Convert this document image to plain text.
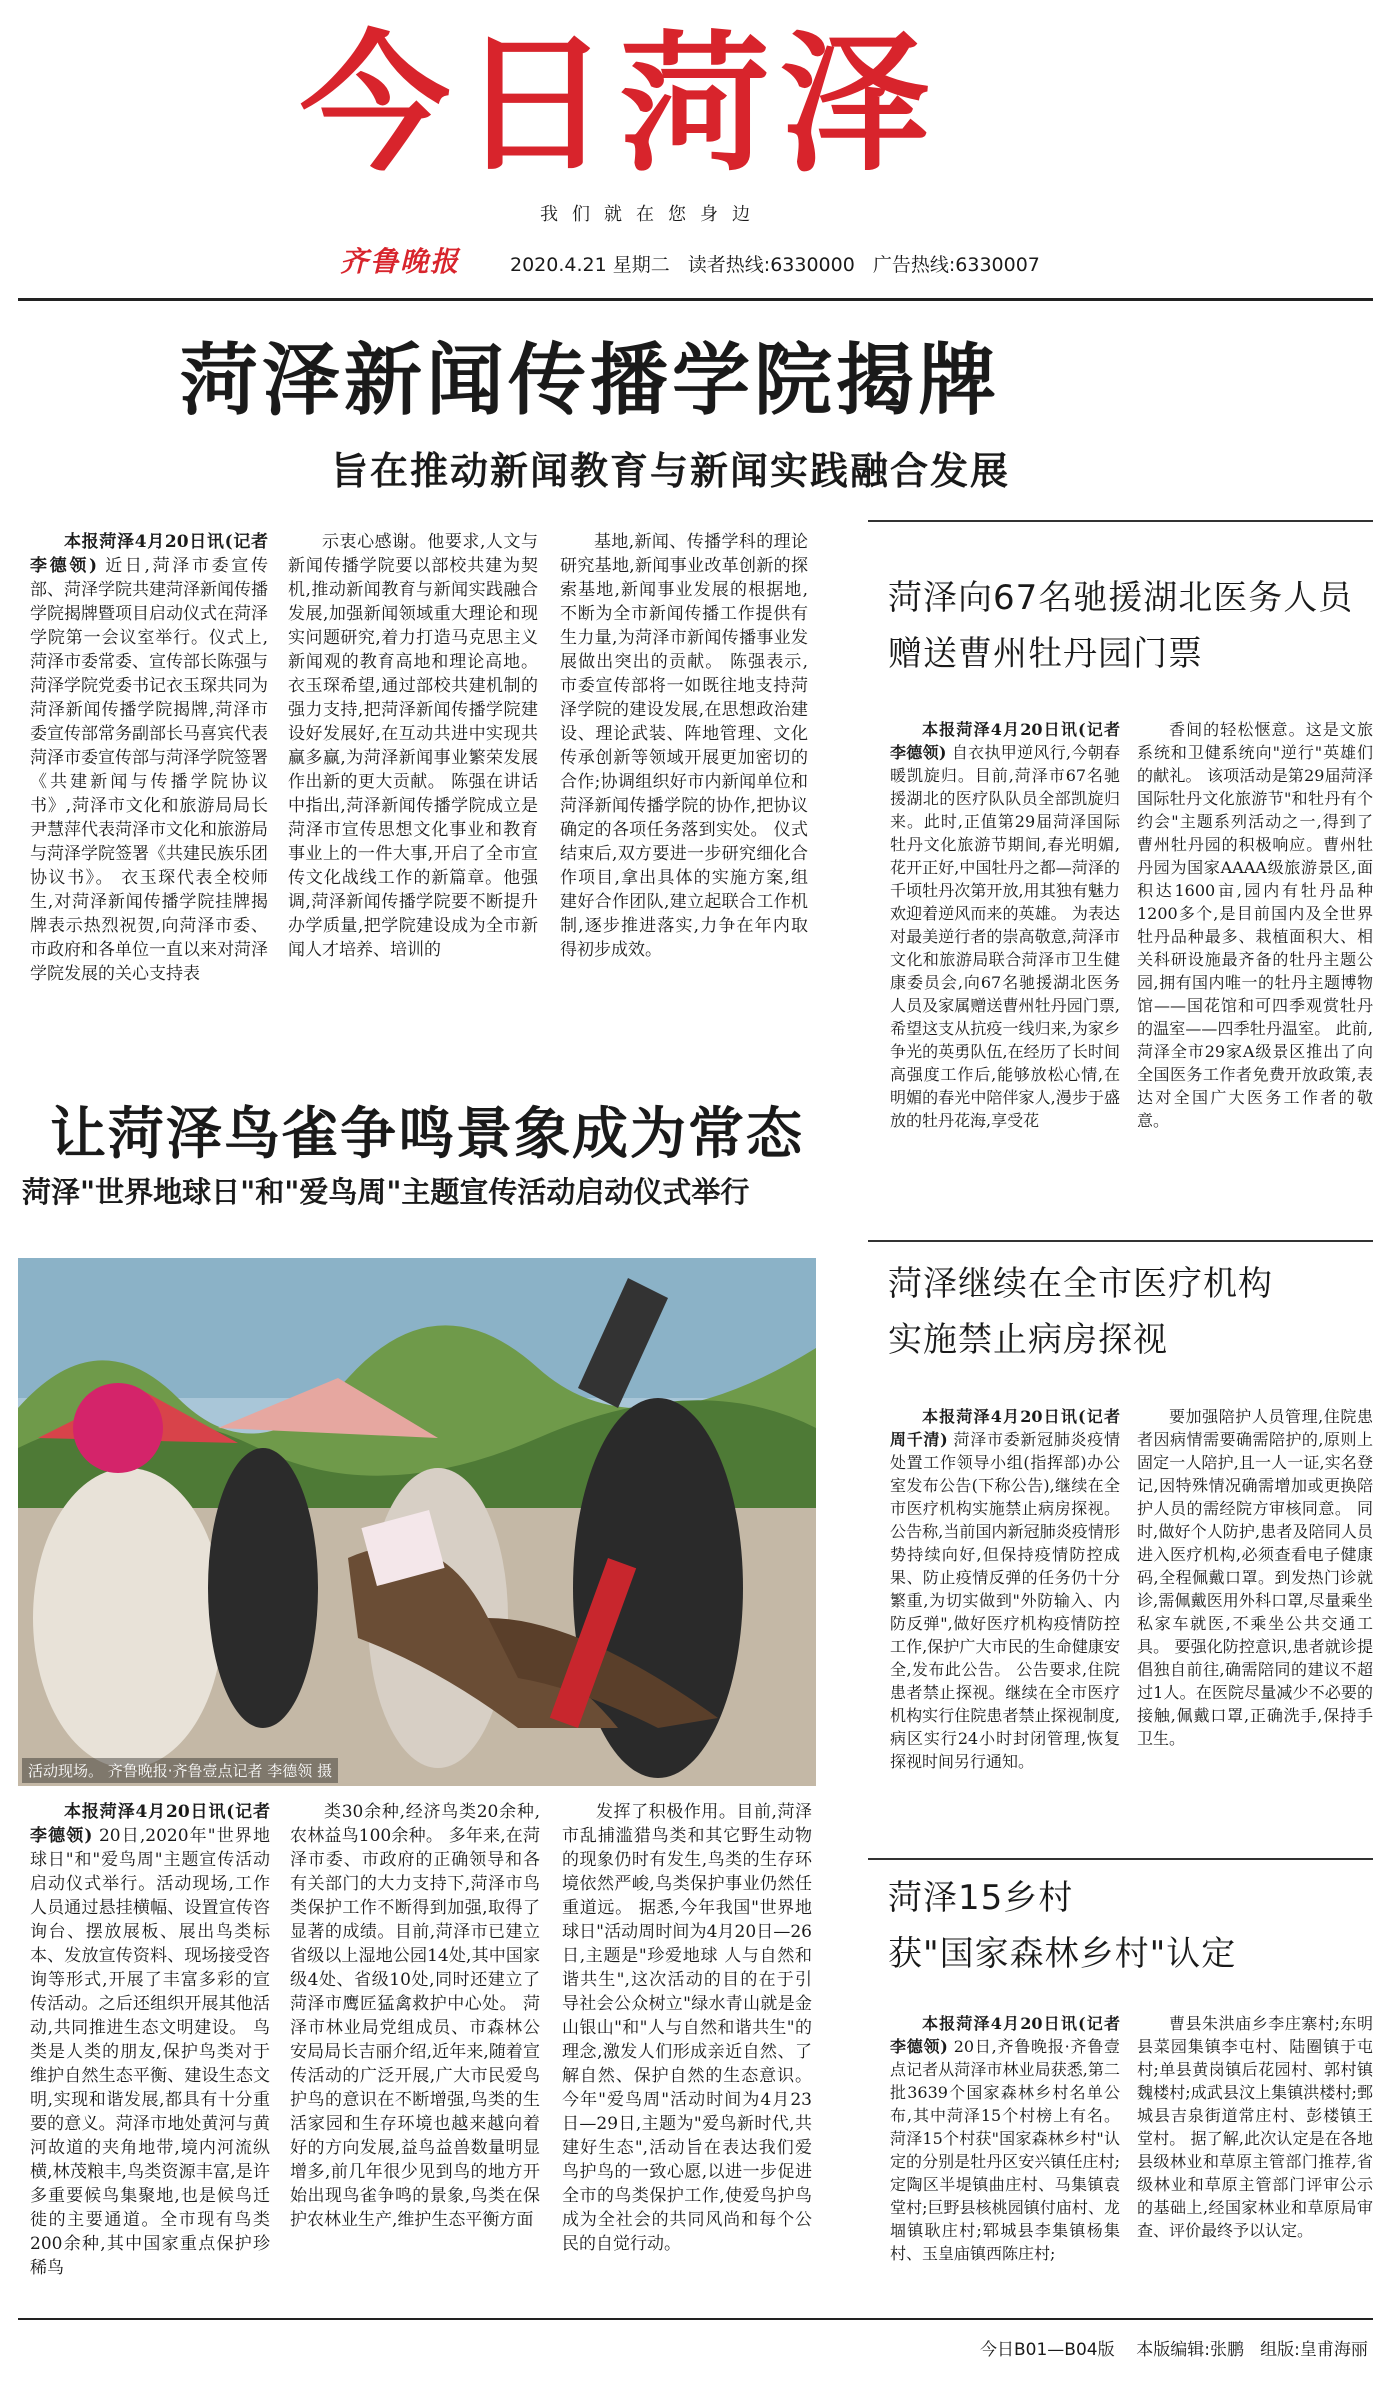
今日菏泽
我们就在您身边
齐鲁晚报	2020.4.21 星期二 读者热线:6330000 广告热线:6330007
菏泽新闻传播学院揭牌
旨在推动新闻教育与新闻实践融合发展

本报菏泽4月20日讯(记者 李德领) 近日,菏泽市委宣传部、菏泽学院共建菏泽新闻传播学院揭牌暨项目启动仪式在菏泽学院第一会议室举行。仪式上,菏泽市委常委、宣传部长陈强与菏泽学院党委书记衣玉琛共同为菏泽新闻传播学院揭牌,菏泽市委宣传部常务副部长马喜宾代表菏泽市委宣传部与菏泽学院签署《共建新闻与传播学院协议书》,菏泽市文化和旅游局局长尹慧萍代表菏泽市文化和旅游局与菏泽学院签署《共建民族乐团协议书》。 衣玉琛代表全校师生,对菏泽新闻传播学院挂牌揭牌表示热烈祝贺,向菏泽市委、市政府和各单位一直以来对菏泽学院发展的关心支持表

示衷心感谢。他要求,人文与新闻传播学院要以部校共建为契机,推动新闻教育与新闻实践融合发展,加强新闻领域重大理论和现实问题研究,着力打造马克思主义新闻观的教育高地和理论高地。衣玉琛希望,通过部校共建机制的强力支持,把菏泽新闻传播学院建设好发展好,在互动共进中实现共赢多赢,为菏泽新闻事业繁荣发展作出新的更大贡献。 陈强在讲话中指出,菏泽新闻传播学院成立是菏泽市宣传思想文化事业和教育事业上的一件大事,开启了全市宣传文化战线工作的新篇章。他强调,菏泽新闻传播学院要不断提升办学质量,把学院建设成为全市新闻人才培养、培训的

基地,新闻、传播学科的理论研究基地,新闻事业改革创新的探索基地,新闻事业发展的根据地,不断为全市新闻传播工作提供有生力量,为菏泽市新闻传播事业发展做出突出的贡献。 陈强表示,市委宣传部将一如既往地支持菏泽学院的建设发展,在思想政治建设、理论武装、阵地管理、文化传承创新等领域开展更加密切的合作;协调组织好市内新闻单位和菏泽新闻传播学院的协作,把协议确定的各项任务落到实处。 仪式结束后,双方要进一步研究细化合作项目,拿出具体的实施方案,组建好合作团队,建立起联合工作机制,逐步推进落实,力争在年内取得初步成效。

菏泽向67名驰援湖北医务人员
赠送曹州牡丹园门票

本报菏泽4月20日讯(记者 李德领) 自衣执甲逆风行,今朝春暖凯旋归。目前,菏泽市67名驰援湖北的医疗队队员全部凯旋归来。此时,正值第29届菏泽国际牡丹文化旅游节期间,春光明媚,花开正好,中国牡丹之都—菏泽的千顷牡丹次第开放,用其独有魅力欢迎着逆风而来的英雄。 为表达对最美逆行者的崇高敬意,菏泽市文化和旅游局联合菏泽市卫生健康委员会,向67名驰援湖北医务人员及家属赠送曹州牡丹园门票,希望这支从抗疫一线归来,为家乡争光的英勇队伍,在经历了长时间高强度工作后,能够放松心情,在明媚的春光中陪伴家人,漫步于盛放的牡丹花海,享受花

香间的轻松惬意。这是文旅系统和卫健系统向"逆行"英雄们的献礼。 该项活动是第29届菏泽国际牡丹文化旅游节"和牡丹有个约会"主题系列活动之一,得到了曹州牡丹园的积极响应。曹州牡丹园为国家AAAA级旅游景区,面积达1600亩,园内有牡丹品种1200多个,是目前国内及全世界牡丹品种最多、栽植面积大、相关科研设施最齐备的牡丹主题公园,拥有国内唯一的牡丹主题博物馆——国花馆和可四季观赏牡丹的温室——四季牡丹温室。 此前,菏泽全市29家A级景区推出了向全国医务工作者免费开放政策,表达对全国广大医务工作者的敬意。

让菏泽鸟雀争鸣景象成为常态
菏泽"世界地球日"和"爱鸟周"主题宣传活动启动仪式举行
活动现场。 齐鲁晚报·齐鲁壹点记者 李德领 摄

本报菏泽4月20日讯(记者 李德领) 20日,2020年"世界地球日"和"爱鸟周"主题宣传活动启动仪式举行。活动现场,工作人员通过悬挂横幅、设置宣传咨询台、摆放展板、展出鸟类标本、发放宣传资料、现场接受咨询等形式,开展了丰富多彩的宣传活动。之后还组织开展其他活动,共同推进生态文明建设。 鸟类是人类的朋友,保护鸟类对于维护自然生态平衡、建设生态文明,实现和谐发展,都具有十分重要的意义。菏泽市地处黄河与黄河故道的夹角地带,境内河流纵横,林茂粮丰,鸟类资源丰富,是许多重要候鸟集聚地,也是候鸟迁徙的主要通道。全市现有鸟类200余种,其中国家重点保护珍稀鸟

类30余种,经济鸟类20余种,农林益鸟100余种。 多年来,在菏泽市委、市政府的正确领导和各有关部门的大力支持下,菏泽市鸟类保护工作不断得到加强,取得了显著的成绩。目前,菏泽市已建立省级以上湿地公园14处,其中国家级4处、省级10处,同时还建立了菏泽市鹰匠猛禽救护中心处。 菏泽市林业局党组成员、市森林公安局局长吉丽介绍,近年来,随着宣传活动的广泛开展,广大市民爱鸟护鸟的意识在不断增强,鸟类的生活家园和生存环境也越来越向着好的方向发展,益鸟益兽数量明显增多,前几年很少见到鸟的地方开始出现鸟雀争鸣的景象,鸟类在保护农林业生产,维护生态平衡方面

发挥了积极作用。目前,菏泽市乱捕滥猎鸟类和其它野生动物的现象仍时有发生,鸟类的生存环境依然严峻,鸟类保护事业仍然任重道远。 据悉,今年我国"世界地球日"活动周时间为4月20日—26日,主题是"珍爱地球 人与自然和谐共生",这次活动的目的在于引导社会公众树立"绿水青山就是金山银山"和"人与自然和谐共生"的理念,激发人们形成亲近自然、了解自然、保护自然的生态意识。今年"爱鸟周"活动时间为4月23日—29日,主题为"爱鸟新时代,共建好生态",活动旨在表达我们爱鸟护鸟的一致心愿,以进一步促进全市的鸟类保护工作,使爱鸟护鸟成为全社会的共同风尚和每个公民的自觉行动。

菏泽继续在全市医疗机构
实施禁止病房探视

本报菏泽4月20日讯(记者 周千清) 菏泽市委新冠肺炎疫情处置工作领导小组(指挥部)办公室发布公告(下称公告),继续在全市医疗机构实施禁止病房探视。 公告称,当前国内新冠肺炎疫情形势持续向好,但保持疫情防控成果、防止疫情反弹的任务仍十分繁重,为切实做到"外防输入、内防反弹",做好医疗机构疫情防控工作,保护广大市民的生命健康安全,发布此公告。 公告要求,住院患者禁止探视。继续在全市医疗机构实行住院患者禁止探视制度,病区实行24小时封闭管理,恢复探视时间另行通知。

要加强陪护人员管理,住院患者因病情需要确需陪护的,原则上固定一人陪护,且一人一证,实名登记,因特殊情况确需增加或更换陪护人员的需经院方审核同意。 同时,做好个人防护,患者及陪同人员进入医疗机构,必须查看电子健康码,全程佩戴口罩。到发热门诊就诊,需佩戴医用外科口罩,尽量乘坐私家车就医,不乘坐公共交通工具。 要强化防控意识,患者就诊提倡独自前往,确需陪同的建议不超过1人。在医院尽量减少不必要的接触,佩戴口罩,正确洗手,保持手卫生。

菏泽15乡村
获"国家森林乡村"认定

本报菏泽4月20日讯(记者 李德领) 20日,齐鲁晚报·齐鲁壹点记者从菏泽市林业局获悉,第二批3639个国家森林乡村名单公布,其中菏泽15个村榜上有名。 菏泽15个村获"国家森林乡村"认定的分别是牡丹区安兴镇任庄村;定陶区半堤镇曲庄村、马集镇袁堂村;巨野县核桃园镇付庙村、龙堌镇耿庄村;郓城县李集镇杨集村、玉皇庙镇西陈庄村;

曹县朱洪庙乡李庄寨村;东明县菜园集镇李屯村、陆圈镇于屯村;单县黄岗镇后花园村、郭村镇魏楼村;成武县汶上集镇洪楼村;鄄城县吉泉街道常庄村、彭楼镇王堂村。 据了解,此次认定是在各地县级林业和草原主管部门推荐,省级林业和草原主管部门评审公示的基础上,经国家林业和草原局审查、评价最终予以认定。

今日B01—B04版 本版编辑:张鹏 组版:皇甫海丽
